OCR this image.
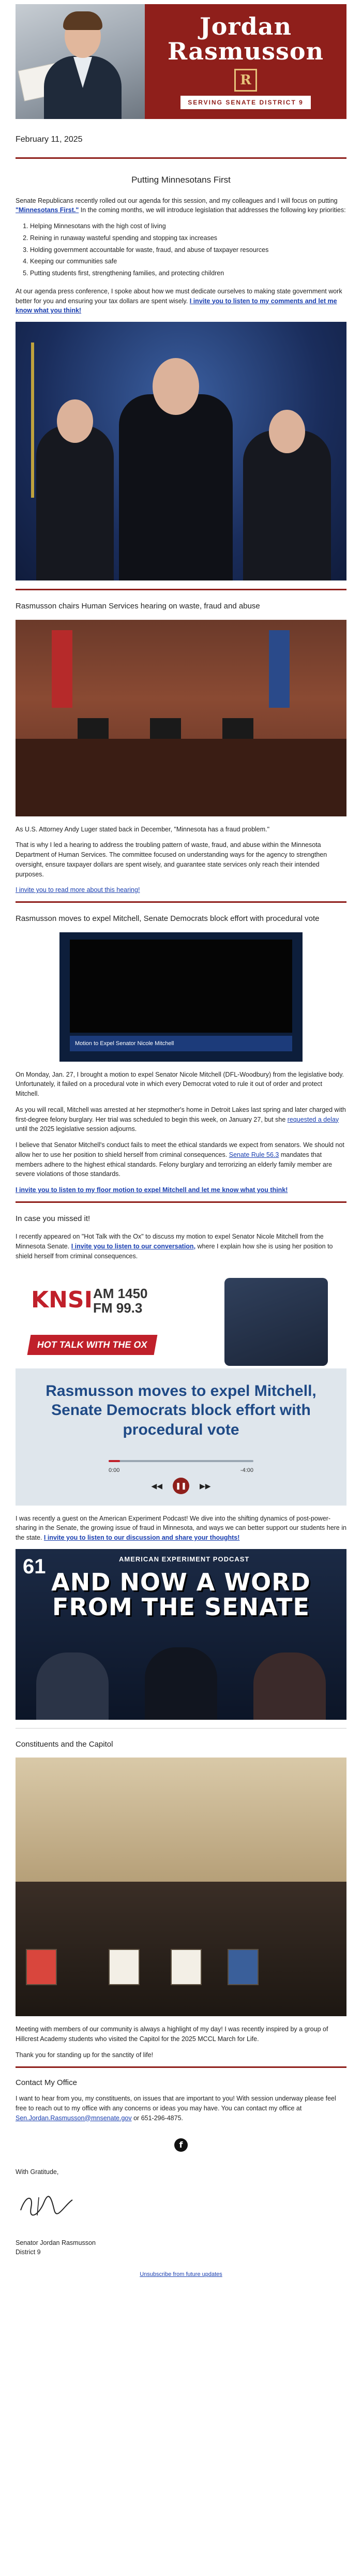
Jordan
Rasmusson
R
SERVING SENATE DISTRICT 9
February 11, 2025
Putting Minnesotans First

Senate Republicans recently rolled out our agenda for this session, and my colleagues and I will focus on putting "Minnesotans First." In the coming months, we will introduce legislation that addresses the following key priorities:

1. Helping Minnesotans with the high cost of living
2. Reining in runaway wasteful spending and stopping tax increases
3. Holding government accountable for waste, fraud, and abuse of taxpayer resources
4. Keeping our communities safe
5. Putting students first, strengthening families, and protecting children

At our agenda press conference, I spoke about how we must dedicate ourselves to making state government work better for you and ensuring your tax dollars are spent wisely. I invite you to listen to my comments and let me know what you think!

Rasmusson chairs Human Services hearing on waste, fraud and abuse

As U.S. Attorney Andy Luger stated back in December, "Minnesota has a fraud problem."

That is why I led a hearing to address the troubling pattern of waste, fraud, and abuse within the Minnesota Department of Human Services. The committee focused on understanding ways for the agency to strengthen oversight, ensure taxpayer dollars are spent wisely, and guarantee state services only reach their intended purposes.

I invite you to read more about this hearing!

Rasmusson moves to expel Mitchell, Senate Democrats block effort with procedural vote
Motion to Expel Senator Nicole Mitchell

On Monday, Jan. 27, I brought a motion to expel Senator Nicole Mitchell (DFL-Woodbury) from the legislative body. Unfortunately, it failed on a procedural vote in which every Democrat voted to rule it out of order and protect Mitchell.

As you will recall, Mitchell was arrested at her stepmother's home in Detroit Lakes last spring and later charged with first-degree felony burglary. Her trial was scheduled to begin this week, on January 27, but she requested a delay until the 2025 legislative session adjourns.

I believe that Senator Mitchell's conduct fails to meet the ethical standards we expect from senators. We should not allow her to use her position to shield herself from criminal consequences. Senate Rule 56.3 mandates that members adhere to the highest ethical standards. Felony burglary and terrorizing an elderly family member are severe violations of those standards.

I invite you to listen to my floor motion to expel Mitchell and let me know what you think!

In case you missed it!

I recently appeared on "Hot Talk with the Ox" to discuss my motion to expel Senator Nicole Mitchell from the Minnesota Senate. I invite you to listen to our conversation, where I explain how she is using her position to shield herself from criminal consequences.

KNSI AM 1450
FM 99.3
HOT TALK WITH THE OX
Rasmusson moves to expel Mitchell, Senate Democrats block effort with procedural vote
0:00	-4:00
◀◀	❚❚	▶▶

I was recently a guest on the American Experiment Podcast! We dive into the shifting dynamics of post-power-sharing in the Senate, the growing issue of fraud in Minnesota, and ways we can better support our students here in the state. I invite you to listen to our discussion and share your thoughts!

61	AMERICAN EXPERIMENT PODCAST
AND NOW A WORD FROM THE SENATE
Constituents and the Capitol

Meeting with members of our community is always a highlight of my day! I was recently inspired by a group of Hillcrest Academy students who visited the Capitol for the 2025 MCCL March for Life.

Thank you for standing up for the sanctity of life!

Contact My Office

I want to hear from you, my constituents, on issues that are important to you! With session underway please feel free to reach out to my office with any concerns or ideas you may have. You can contact my office at Sen.Jordan.Rasmusson@mnsenate.gov or 651-296-4875.

f
With Gratitude,
Senator Jordan Rasmusson
District 9
Unsubscribe from future updates
